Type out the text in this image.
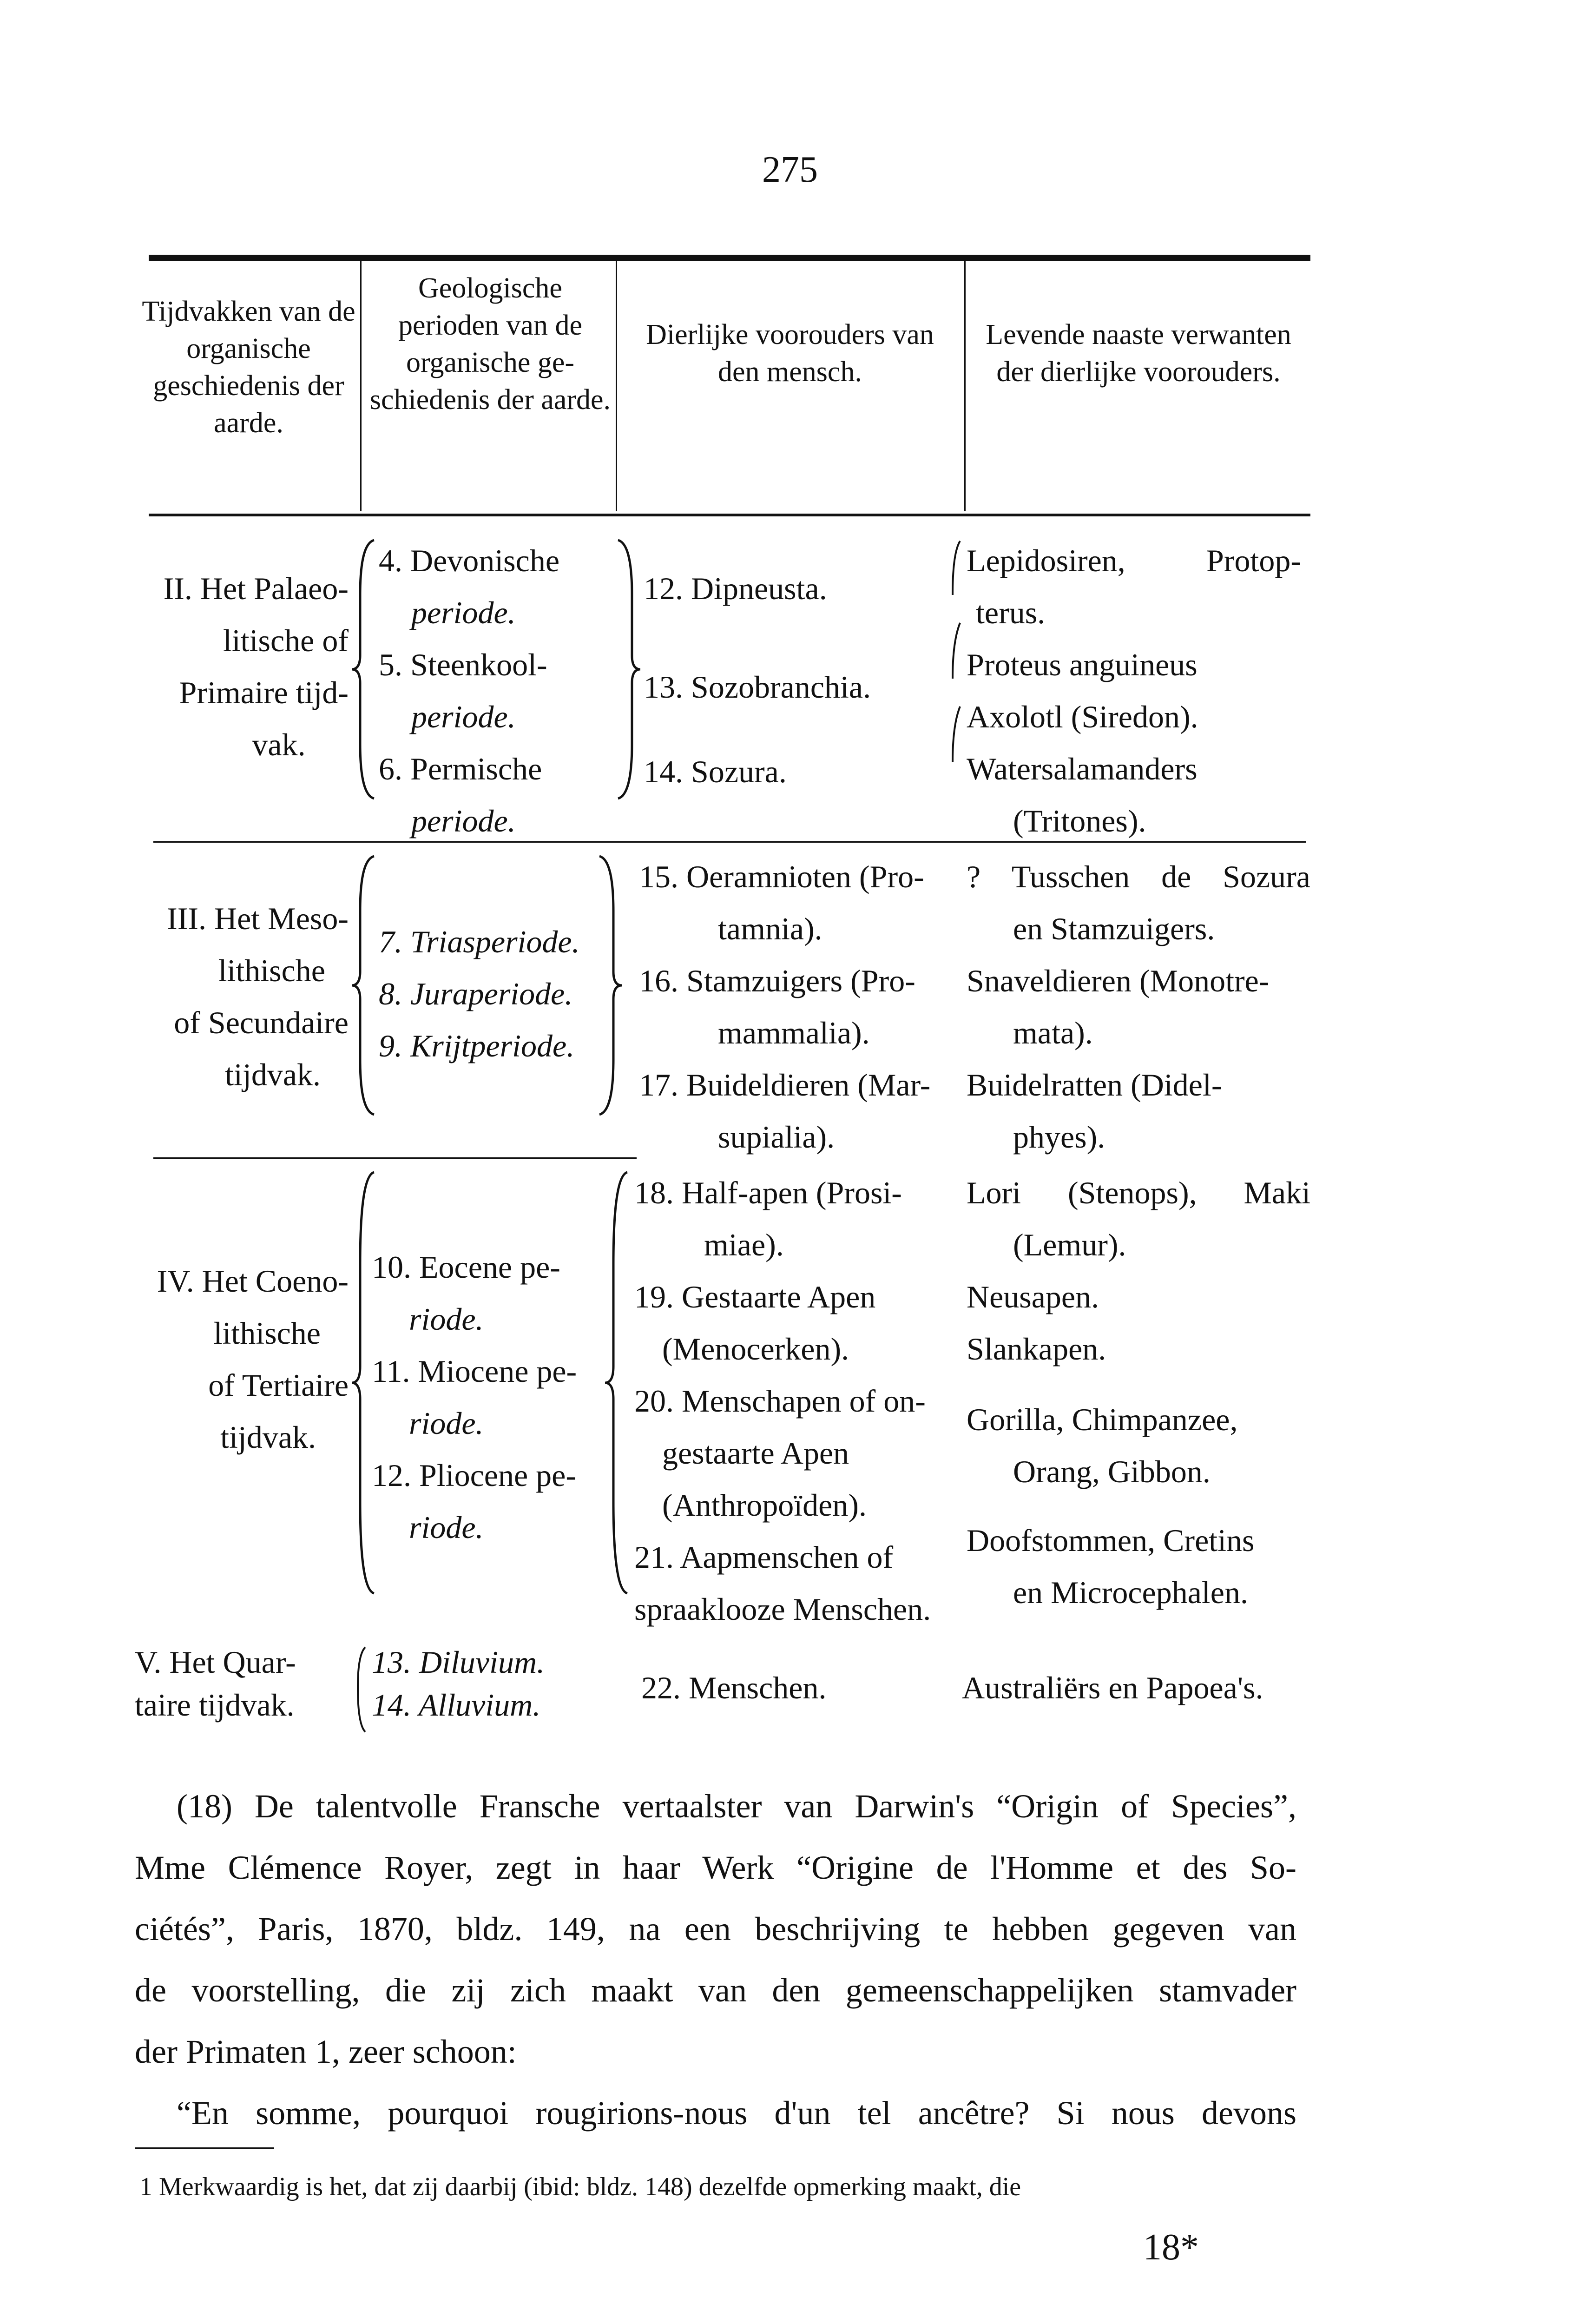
275
Tijdvakken van de organische geschiedenis der aarde.
Geologische perioden van de organische ge- schiedenis der aarde.
Dierlijke voorouders van den mensch.
Levende naaste verwanten der dierlijke voorouders.
II. Het Palaeo-
litische of
Primaire tijd-
vak.
4. Devonische
periode.
5. Steenkool-
periode.
6. Permische
periode.
12. Dipneusta.
13. Sozobranchia.
14. Sozura.
Lepidosiren, Protop-
terus.
Proteus anguineus
Axolotl (Siredon).
Watersalamanders
(Tritones).
III. Het Meso-
lithische
of Secundaire
tijdvak.
7. Triasperiode.
8. Juraperiode.
9. Krijtperiode.
15. Oeramnioten (Pro-
tamnia).
16. Stamzuigers (Pro-
mammalia).
17. Buideldieren (Mar-
supialia).
? Tusschen de Sozura
en Stamzuigers.
Snaveldieren (Monotre-
mata).
Buidelratten (Didel-
phyes).
IV. Het Coeno-
lithische
of Tertiaire
tijdvak.
10. Eocene pe-
riode.
11. Miocene pe-
riode.
12. Pliocene pe-
riode.
18. Half-apen (Prosi-
miae).
19. Gestaarte Apen
(Menocerken).
20. Menschapen of on-
gestaarte Apen
(Anthropoïden).
21. Aapmenschen of
spraaklooze Menschen.
Lori (Stenops), Maki
(Lemur).
Neusapen.
Slankapen.
Gorilla, Chimpanzee,
Orang, Gibbon.
Doofstommen, Cretins
en Microcephalen.
V. Het Quar-
taire tijdvak.
13. Diluvium.
14. Alluvium.	22. Menschen.	Australiërs en Papoea's.
(18) De talentvolle Fransche vertaalster van Darwin's “Origin of Species”,
Mme Clémence Royer, zegt in haar Werk “Origine de l'Homme et des So-
ciétés”, Paris, 1870, bldz. 149, na een beschrijving te hebben gegeven van
de voorstelling, die zij zich maakt van den gemeenschappelijken stamvader
der Primaten 1, zeer schoon:
“En somme, pourquoi rougirions-nous d'un tel ancêtre? Si nous devons
1 Merkwaardig is het, dat zij daarbij (ibid: bldz. 148) dezelfde opmerking maakt, die
18*
